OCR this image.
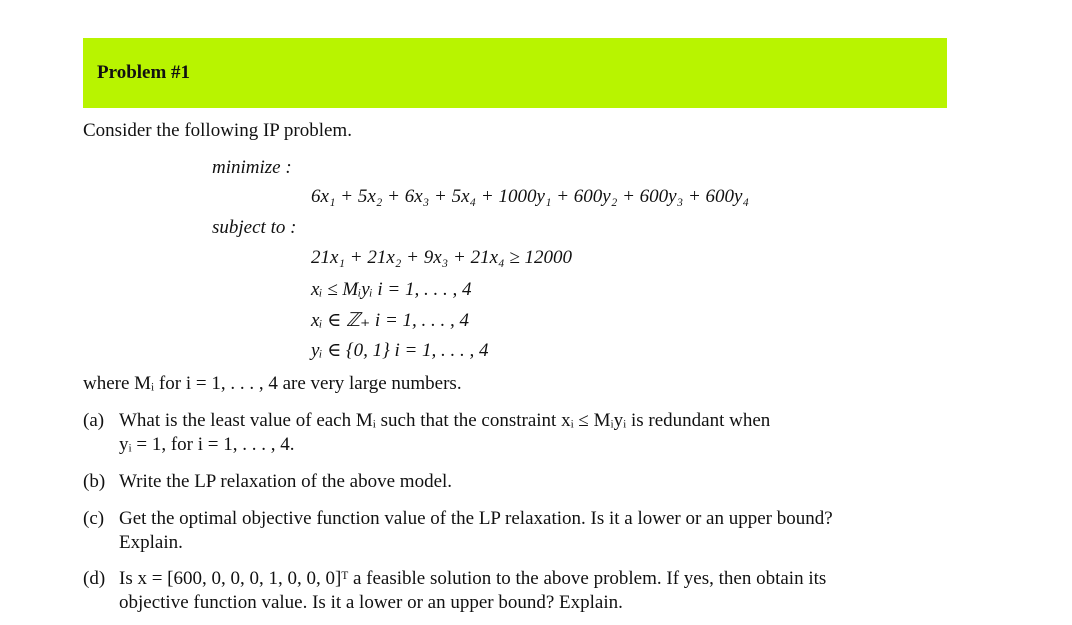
Problem #1
Consider the following IP problem.
minimize :
6x₁ + 5x₂ + 6x₃ + 5x₄ + 1000y₁ + 600y₂ + 600y₃ + 600y₄
subject to :
21x₁ + 21x₂ + 9x₃ + 21x₄ ≥ 12000
xᵢ ≤ Mᵢyᵢ i = 1, . . . , 4
xᵢ ∈ ℤ₊ i = 1, . . . , 4
yᵢ ∈ {0, 1} i = 1, . . . , 4
where Mᵢ for i = 1, . . . , 4 are very large numbers.
(a) What is the least value of each Mᵢ such that the constraint xᵢ ≤ Mᵢyᵢ is redundant when
yᵢ = 1, for i = 1, . . . , 4.
(b) Write the LP relaxation of the above model.
(c) Get the optimal objective function value of the LP relaxation. Is it a lower or an upper bound?
Explain.
(d) Is x = [600, 0, 0, 0, 1, 0, 0, 0]ᵀ a feasible solution to the above problem. If yes, then obtain its
objective function value. Is it a lower or an upper bound? Explain.
